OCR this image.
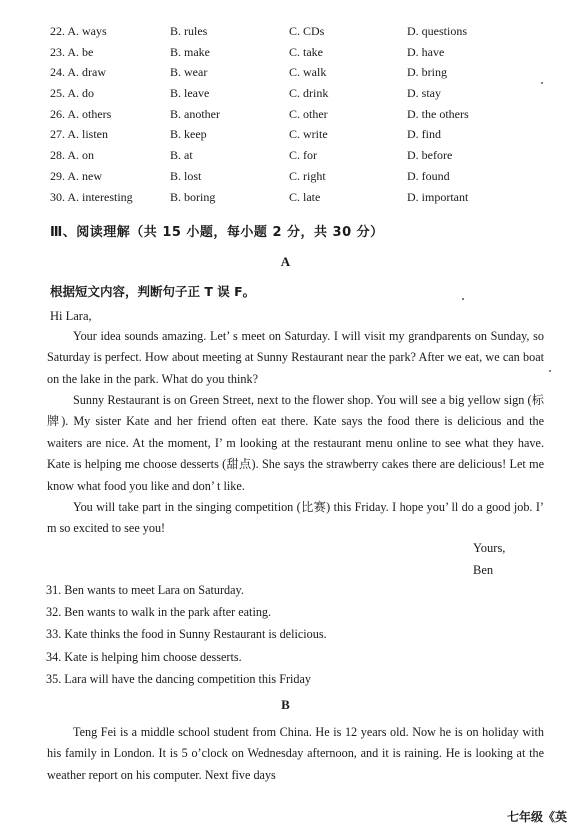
22. A. ways	B. rules	C. CDs	D. questions
23. A. be	B. make	C. take	D. have
24. A. draw	B. wear	C. walk	D. bring
25. A. do	B. leave	C. drink	D. stay
26. A. others	B. another	C. other	D. the others
27. A. listen	B. keep	C. write	D. find
28. A. on	B. at	C. for	D. before
29. A. new	B. lost	C. right	D. found
30. A. interesting	B. boring	C. late	D. important
Ⅲ、阅读理解（共 15 小题，每小题 2 分，共 30 分）
A
根据短文内容，判断句子正 T 误 F。
Hi Lara,
Your idea sounds amazing. Let’ s meet on Saturday. I will visit my grandparents on Sunday, so Saturday is perfect. How about meeting at Sunny Restaurant near the park? After we eat, we can boat on the lake in the park. What do you think?
Sunny Restaurant is on Green Street, next to the flower shop. You will see a big yellow sign (标牌). My sister Kate and her friend often eat there. Kate says the food there is delicious and the waiters are nice. At the moment, I’ m looking at the restaurant menu online to see what they have. Kate is helping me choose desserts (甜点). She says the strawberry cakes there are delicious! Let me know what food you like and don’ t like.
You will take part in the singing competition (比赛) this Friday. I hope you’ ll do a good job. I’ m so excited to see you!
Yours,
Ben
31. Ben wants to meet Lara on Saturday.
32. Ben wants to walk in the park after eating.
33. Kate thinks the food in Sunny Restaurant is delicious.
34. Kate is helping him choose desserts.
35. Lara will have the dancing competition this Friday
B
Teng Fei is a middle school student from China. He is 12 years old. Now he is on holiday with his family in London. It is 5 o’clock on Wednesday afternoon, and it is raining. He is looking at the weather report on his computer. Next five days
七年级《英
